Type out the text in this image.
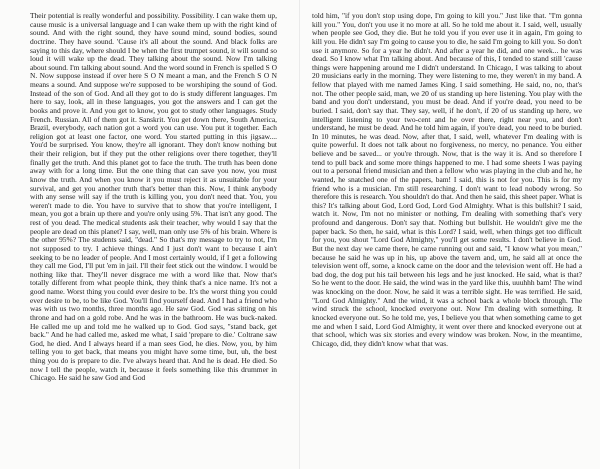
Their potential is really wonderful and possibility. Possibility. I can wake them up, cause music is a universal language and I can wake them up with the right kind of sound. And with the right sound, they have sound mind, sound bodies, sound doctrine. They have sound. 'Cause it's all about the sound. And black folks are saying to this day, where should I be when the first trumpet sound, it will sound so loud it will wake up the dead. They talking about the sound. Now I'm talking about sound. I'm talking about sound. And the word sound in French is spelled S O N. Now suppose instead if over here S O N meant a man, and the French S O N means a sound. And suppose we're supposed to be worshiping the sound of God. Instead of the son of God. And all they got to do is study different languages. I'm here to say, look, all in these languages, you got the answers and I can get the books and prove it. And you get to know, you got to study other languages. Study French. Russian. All of them got it. Sanskrit. You get down there, South America, Brazil, everybody, each nation got a word you can use. You put it together. Each religion got at least one factor, one word. You started putting in this jigsaw.... You'd be surprised. You know, they're all ignorant. They don't know nothing but their their religion, but if they put the other religions over there together, they'll finally get the truth. And this planet got to face the truth. The truth has been done away with for a long time. But the one thing that can save you now, you must know the truth. And when you know it you must reject it as unsuitable for your survival, and get you another truth that's better than this. Now, I think anybody with any sense will say if the truth is killing you, you don't need that. You, you weren't made to die. You have to survive that to show that you're intelligent, I mean, you got a brain up there and you're only using 5%. That isn't any good. The rest of you dead. The medical students ask their teacher, why would I say that the people are dead on this planet? I say, well, man only use 5% of his brain. Where is the other 95%? The students said, "dead." So that's my message to try to not, I'm not supposed to try. I achieve things. And I just don't want to because I ain't seeking to be no leader of people. And I most certainly would, if I get a following they call me God, I'll put 'em in jail. I'll their feet stick out the window. I would be nothing like that. They'll never disgrace me with a word like that. Now that's totally different from what people think, they think that's a nice name. It's not a good name. Worst thing you could ever desire to be. It's the worst thing you could ever desire to be, to be like God. You'll find yourself dead. And I had a friend who was with us two months, three months ago. He saw God. God was sitting on his throne and had on a gold robe. And he was in the bathroom. He was buck-naked. He called me up and told me he walked up to God. God says, "stand back, get back." And he had called me, asked me what, I said 'prepare to die.' Coltrane saw God, he died. And I always heard if a man sees God, he dies. Now, you, by him telling you to get back, that means you might have some time, but, uh, the best thing you do is prepare to die. I've always heard that. And he is dead. He died. So now I tell the people, watch it, because it feels something like this drummer in Chicago. He said he saw God and God

told him, "if you don't stop using dope, I'm going to kill you." Just like that. "I'm gonna kill you." You, don't you use it no more at all. So he told me about it. I said, well, usually when people see God, they die. But he told you if you ever use it in again, I'm going to kill you. He didn't say I'm going to cause you to die, he said I'm going to kill you. So don't use it anymore. So for a year he didn't. And after a year he did, and one week... he was dead. So I know what I'm talking about. And because of this, I tended to stand still 'cause things were happening around me I didn't understand. In Chicago, I was talking to about 20 musicians early in the morning. They were listening to me, they weren't in my band. A fellow that played with me named James King. I said something. He said, no, no, that's not. The other people said, man, we 20 of us standing up here listening. You play with the band and you don't understand, you must be dead. And if you're dead, you need to be buried. I said, don't say that. They say, well, if he don't, if 20 of us standing up here, we intelligent listening to your two-cent and he over there, right near you, and don't understand, he must be dead. And he told him again, if you're dead, you need to be buried. In 10 minutes, he was dead. Now, after that, I said, well, whatever I'm dealing with is quite powerful. It does not talk about no forgiveness, no mercy, no penance. You either believe and be saved... or you're through. Now, that is the way it is. And so therefore I tend to pull back and some more things happened to me. I had some sheets I was paying out to a personal friend musician and then a fellow who was playing in the club and he, he wanted, he snatched one of the papers, bam! I said, this is not for you. This is for my friend who is a musician. I'm still researching. I don't want to lead nobody wrong. So therefore this is research. You shouldn't do that. And then he said, this sheet paper. What is this? It's talking about God, Lord God, Lord God Almighty. What is this bullshit? I said, watch it. Now, I'm not no minister or nothing, I'm dealing with something that's very profound and dangerous. Don't say that. Nothing but bullshit. He wouldn't give me the paper back. So then, he said, what is this Lord? I said, well, when things get too difficult for you, you shout "Lord God Almighty," you'll get some results. I don't believe in God. But the next day we came there, he came running out and said, "I know what you mean," because he said he was up in his, up above the tavern and, um, he said all at once the television went off, some, a knock came on the door and the television went off. He had a bad dog, the dog put his tail between his legs and he just knocked. He said, what is that? So he went to the door. He said, the wind was in the yard like this, uuuhhh bam! The wind was knocking on the door. Now, he said it was a terrible sight. He was terrified. He said, "Lord God Almighty." And the wind, it was a school back a whole block through. The wind struck the school, knocked everyone out. Now I'm dealing with something. It knocked everyone out. So he told me, yes, I believe you that when something came to get me and when I said, Lord God Almighty, it went over there and knocked everyone out at that school, which was six stories and every window was broken. Now, in the meantime, Chicago, did, they didn't know what that was.
